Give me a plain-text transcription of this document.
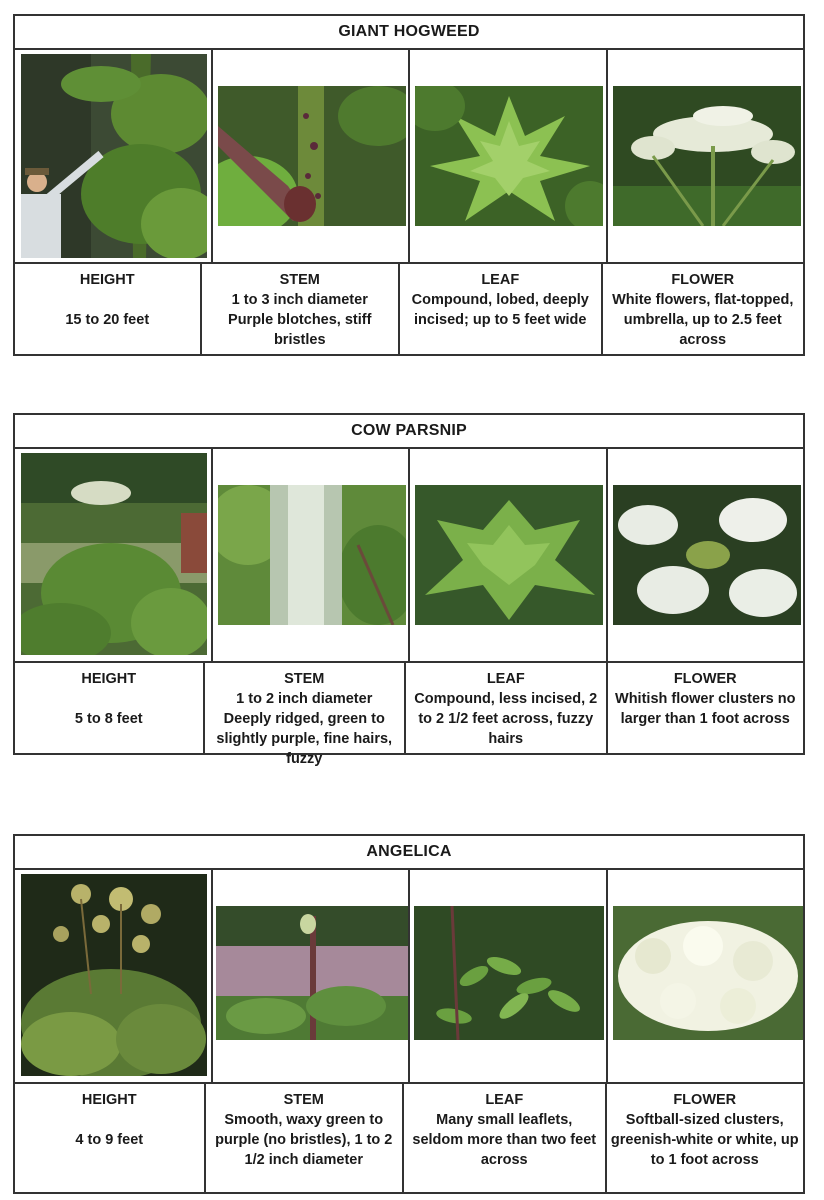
GIANT HOGWEED
HEIGHT
15 to 20 feet
STEM
1 to 3 inch diameter Purple blotches, stiff bristles
LEAF
Compound, lobed, deeply incised; up to 5 feet wide
FLOWER
White flowers, flat-topped, umbrella, up to 2.5 feet across
COW PARSNIP
HEIGHT
5 to 8 feet
STEM
1 to 2 inch diameter Deeply ridged, green to slightly purple, fine hairs, fuzzy
LEAF
Compound, less incised, 2 to 2 1/2 feet across, fuzzy hairs
FLOWER
Whitish flower clusters no larger than 1 foot across
ANGELICA
HEIGHT
4 to 9 feet
STEM
Smooth, waxy green to purple (no bristles), 1 to 2 1/2 inch diameter
LEAF
Many small leaflets, seldom more than two feet across
FLOWER
Softball-sized clusters, greenish-white or white, up to 1 foot across
